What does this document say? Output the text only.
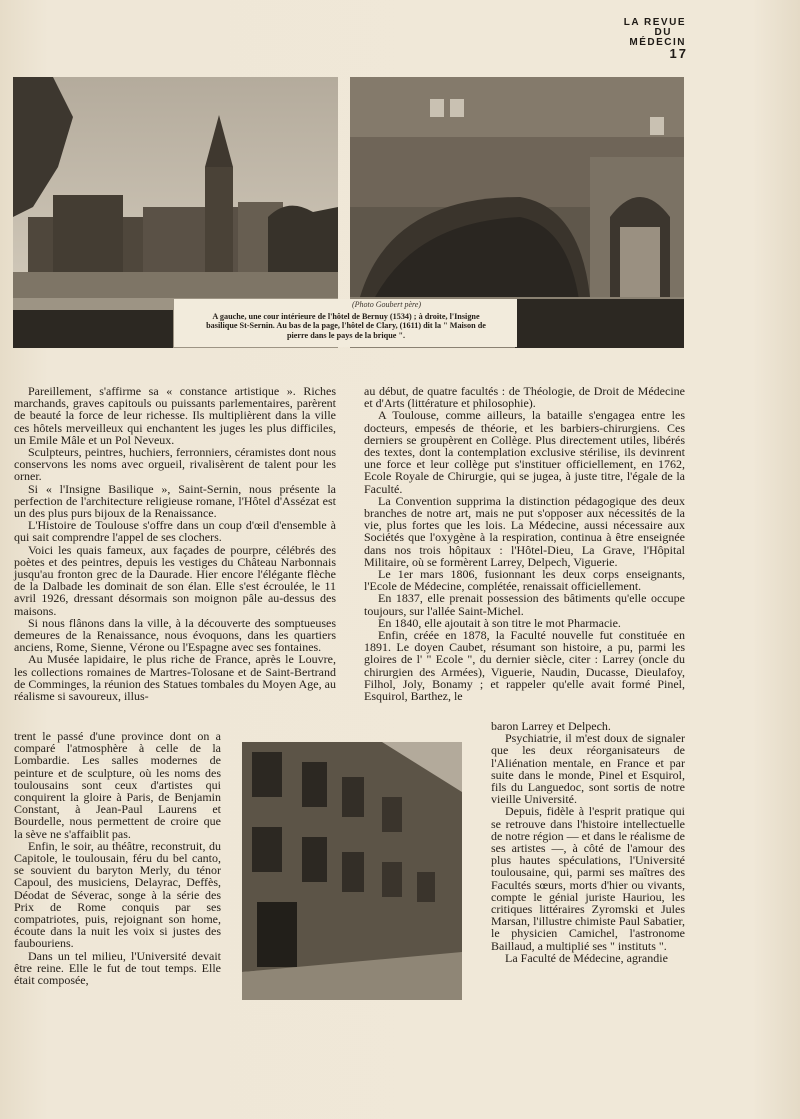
LA REVUE
DU
MÉDECIN
17
(Photo Goubert père)
A gauche, une cour intérieure de l'hôtel de Bernuy (1534) ; à droite, l'Insigne basilique St-Sernin. Au bas de la page, l'hôtel de Clary, (1611) dit la " Maison de pierre dans le pays de la brique ".

Pareillement, s'affirme sa « constance artistique ». Riches marchands, graves capitouls ou puissants parlementaires, parèrent de beauté la force de leur richesse. Ils multiplièrent dans la ville ces hôtels merveilleux qui enchantent les juges les plus difficiles, un Emile Mâle et un Pol Neveux.

Sculpteurs, peintres, huchiers, ferronniers, céramistes dont nous conservons les noms avec orgueil, rivalisèrent de talent pour les orner.

Si « l'Insigne Basilique », Saint-Sernin, nous présente la perfection de l'architecture religieuse romane, l'Hôtel d'Assézat est un des plus purs bijoux de la Renaissance.

L'Histoire de Toulouse s'offre dans un coup d'œil d'ensemble à qui sait comprendre l'appel de ses clochers.

Voici les quais fameux, aux façades de pourpre, célébrés des poètes et des peintres, depuis les vestiges du Château Narbonnais jusqu'au fronton grec de la Daurade. Hier encore l'élégante flèche de la Dalbade les dominait de son élan. Elle s'est écroulée, le 11 avril 1926, dressant désormais son moignon pâle au-dessus des maisons.

Si nous flânons dans la ville, à la découverte des somptueuses demeures de la Renaissance, nous évoquons, dans les quartiers anciens, Rome, Sienne, Vérone ou l'Espagne avec ses fontaines.

Au Musée lapidaire, le plus riche de France, après le Louvre, les collections romaines de Martres-Tolosane et de Saint-Bertrand de Comminges, la réunion des Statues tombales du Moyen Age, au réalisme si savoureux, illus-

trent le passé d'une province dont on a comparé l'atmosphère à celle de la Lombardie. Les salles modernes de peinture et de sculpture, où les noms des toulousains sont ceux d'artistes qui conquirent la gloire à Paris, de Benjamin Constant, à Jean-Paul Laurens et Bourdelle, nous permettent de croire que la sève ne s'affaiblit pas.

Enfin, le soir, au théâtre, reconstruit, du Capitole, le toulousain, féru du bel canto, se souvient du baryton Merly, du ténor Capoul, des musiciens, Delayrac, Deffès, Déodat de Séverac, songe à la série des Prix de Rome conquis par ses compatriotes, puis, rejoignant son home, écoute dans la nuit les voix si justes des faubouriens.

Dans un tel milieu, l'Université devait être reine. Elle le fut de tout temps. Elle était composée,

au début, de quatre facultés : de Théologie, de Droit de Médecine et d'Arts (littérature et philosophie).

A Toulouse, comme ailleurs, la bataille s'engagea entre les docteurs, empesés de théorie, et les barbiers-chirurgiens. Ces derniers se groupèrent en Collège. Plus directement utiles, libérés des textes, dont la contemplation exclusive stérilise, ils devinrent une force et leur collège put s'instituer officiellement, en 1762, Ecole Royale de Chirurgie, qui se jugea, à juste titre, l'égale de la Faculté.

La Convention supprima la distinction pédagogique des deux branches de notre art, mais ne put s'opposer aux nécessités de la vie, plus fortes que les lois. La Médecine, aussi nécessaire aux Sociétés que l'oxygène à la respiration, continua à être enseignée dans nos trois hôpitaux : l'Hôtel-Dieu, La Grave, l'Hôpital Militaire, où se formèrent Larrey, Delpech, Viguerie.

Le 1er mars 1806, fusionnant les deux corps enseignants, l'Ecole de Médecine, complétée, renaissait officiellement.

En 1837, elle prenait possession des bâtiments qu'elle occupe toujours, sur l'allée Saint-Michel.

En 1840, elle ajoutait à son titre le mot Pharmacie.

Enfin, créée en 1878, la Faculté nouvelle fut constituée en 1891. Le doyen Caubet, résumant son histoire, a pu, parmi les gloires de l' " Ecole ", du dernier siècle, citer : Larrey (oncle du chirurgien des Armées), Viguerie, Naudin, Ducasse, Dieulafoy, Filhol, Joly, Bonamy ; et rappeler qu'elle avait formé Pinel, Esquirol, Barthez, le

baron Larrey et Delpech.

Psychiatrie, il m'est doux de signaler que les deux réorganisateurs de l'Aliénation mentale, en France et par suite dans le monde, Pinel et Esquirol, fils du Languedoc, sont sortis de notre vieille Université.

Depuis, fidèle à l'esprit pratique qui se retrouve dans l'histoire intellectuelle de notre région — et dans le réalisme de ses artistes —, à côté de l'amour des plus hautes spéculations, l'Université toulousaine, qui, parmi ses maîtres des Facultés sœurs, morts d'hier ou vivants, compte le génial juriste Hauriou, les critiques littéraires Zyromski et Jules Marsan, l'illustre chimiste Paul Sabatier, le physicien Camichel, l'astronome Baillaud, a multiplié ses " instituts ".

La Faculté de Médecine, agrandie
